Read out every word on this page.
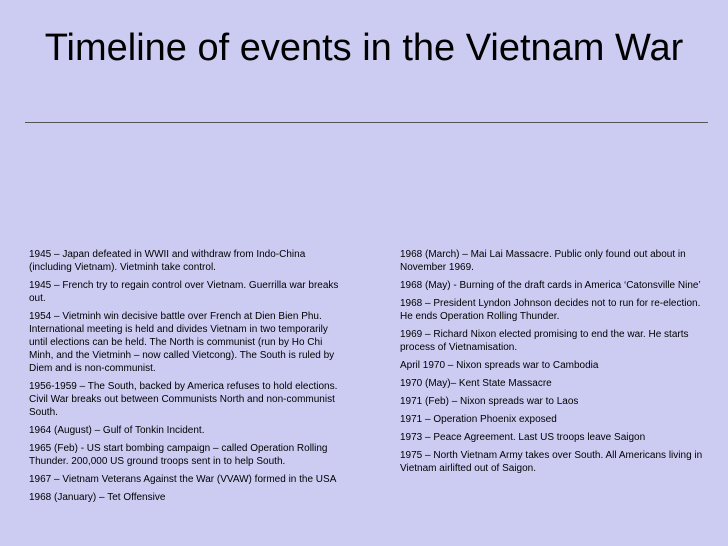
Timeline of events in the Vietnam War

1945 – Japan defeated in WWII and withdraw from Indo-China (including Vietnam). Vietminh take control.

1945 – French try to regain control over Vietnam. Guerrilla war breaks out.

1954 – Vietminh win decisive battle over French at Dien Bien Phu. International meeting is held and divides Vietnam in two temporarily until elections can be held. The North is communist (run by Ho Chi Minh, and the Vietminh – now called Vietcong). The South is ruled by Diem and is non-communist.

1956-1959 – The South, backed by America refuses to hold elections. Civil War breaks out between Communists North and non-communist South.

1964 (August) – Gulf of Tonkin Incident.

1965 (Feb) - US start bombing campaign – called Operation Rolling Thunder. 200,000 US ground troops sent in to help South.

1967 – Vietnam Veterans Against the War (VVAW) formed in the USA

1968 (January) – Tet Offensive

1968 (March) – Mai Lai Massacre. Public only found out about in November 1969.

1968 (May) - Burning of the draft cards in America ‘Catonsville Nine’

1968 – President Lyndon Johnson decides not to run for re-election. He ends Operation Rolling Thunder.

1969 – Richard Nixon elected promising to end the war. He starts process of Vietnamisation.

April 1970 – Nixon spreads war to Cambodia

1970 (May)– Kent State Massacre

1971 (Feb) – Nixon spreads war to Laos

1971 – Operation Phoenix exposed

1973 – Peace Agreement. Last US troops leave Saigon

1975 – North Vietnam Army takes over South. All Americans living in Vietnam airlifted out of Saigon.
